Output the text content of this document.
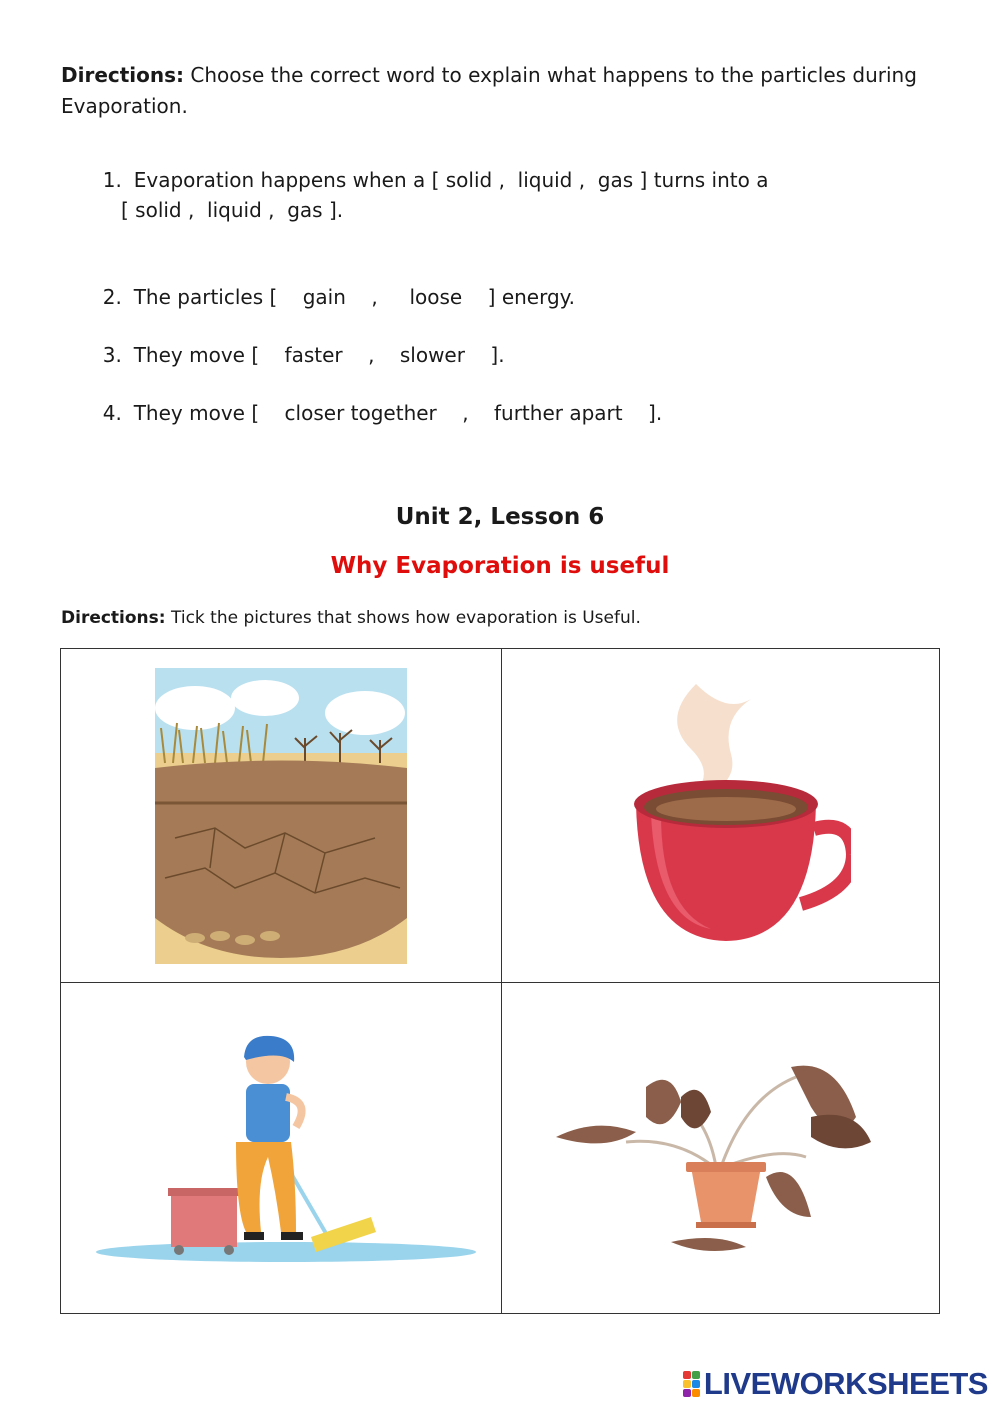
Directions: Choose the correct word to explain what happens to the particles during Evaporation.

1. Evaporation happens when a [ solid ,  liquid ,  gas ] turns into a

[ solid ,  liquid ,  gas ].

2. The particles [    gain    ,     loose    ] energy.

3. They move [    faster    ,    slower    ].

4. They move [    closer together    ,    further apart    ].

Unit 2, Lesson 6
Why Evaporation is useful
Directions: Tick the pictures that shows how evaporation is Useful.
LIVEWORKSHEETS
